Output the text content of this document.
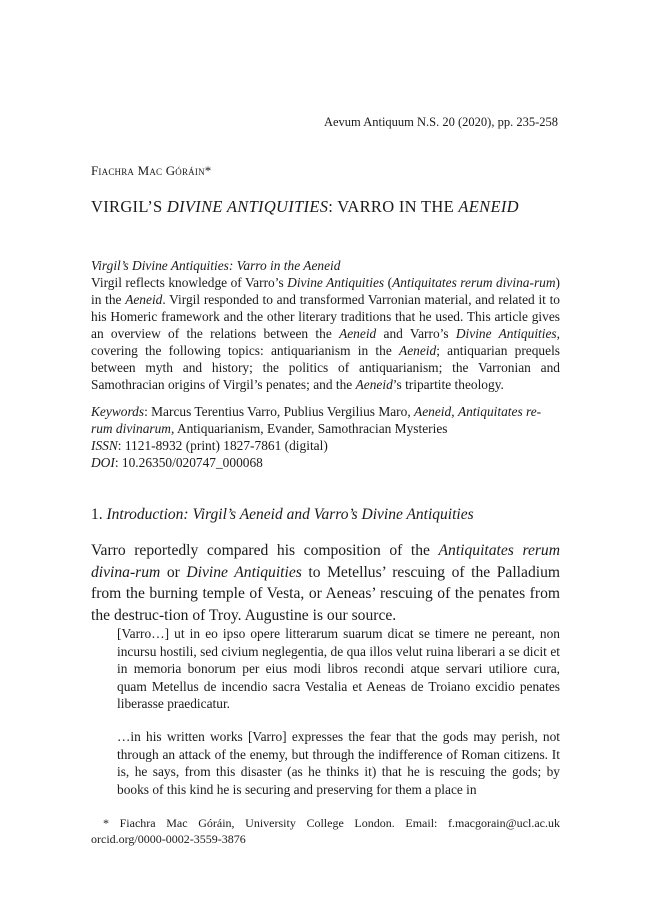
Aevum Antiquum N.S. 20 (2020), pp. 235-258
Fiachra Mac Góráin*
VIRGIL’S DIVINE ANTIQUITIES: VARRO IN THE AENEID

Virgil’s Divine Antiquities: Varro in the Aeneid

Virgil reflects knowledge of Varro’s Divine Antiquities (Antiquitates rerum divina-rum) in the Aeneid. Virgil responded to and transformed Varronian material, and related it to his Homeric framework and the other literary traditions that he used. This article gives an overview of the relations between the Aeneid and Varro’s Divine Antiquities, covering the following topics: antiquarianism in the Aeneid; antiquarian prequels between myth and history; the politics of antiquarianism; the Varronian and Samothracian origins of Virgil’s penates; and the Aeneid’s tripartite theology.

Keywords: Marcus Terentius Varro, Publius Vergilius Maro, Aeneid, Antiquitates re-rum divinarum, Antiquarianism, Evander, Samothracian Mysteries

ISSN: 1121-8932 (print) 1827-7861 (digital)

DOI: 10.26350/020747_000068

1. Introduction: Virgil’s Aeneid and Varro’s Divine Antiquities

Varro reportedly compared his composition of the Antiquitates rerum divina-rum or Divine Antiquities to Metellus’ rescuing of the Palladium from the burning temple of Vesta, or Aeneas’ rescuing of the penates from the destruc-tion of Troy. Augustine is our source.

[Varro…] ut in eo ipso opere litterarum suarum dicat se timere ne pereant, non incursu hostili, sed civium neglegentia, de qua illos velut ruina liberari a se dicit et in memoria bonorum per eius modi libros recondi atque servari utiliore cura, quam Metellus de incendio sacra Vestalia et Aeneas de Troiano excidio penates liberasse praedicatur.

…in his written works [Varro] expresses the fear that the gods may perish, not through an attack of the enemy, but through the indifference of Roman citizens. It is, he says, from this disaster (as he thinks it) that he is rescuing the gods; by books of this kind he is securing and preserving for them a place in

* Fiachra Mac Góráin, University College London. Email: f.macgorain@ucl.ac.uk orcid.org/0000-0002-3559-3876
